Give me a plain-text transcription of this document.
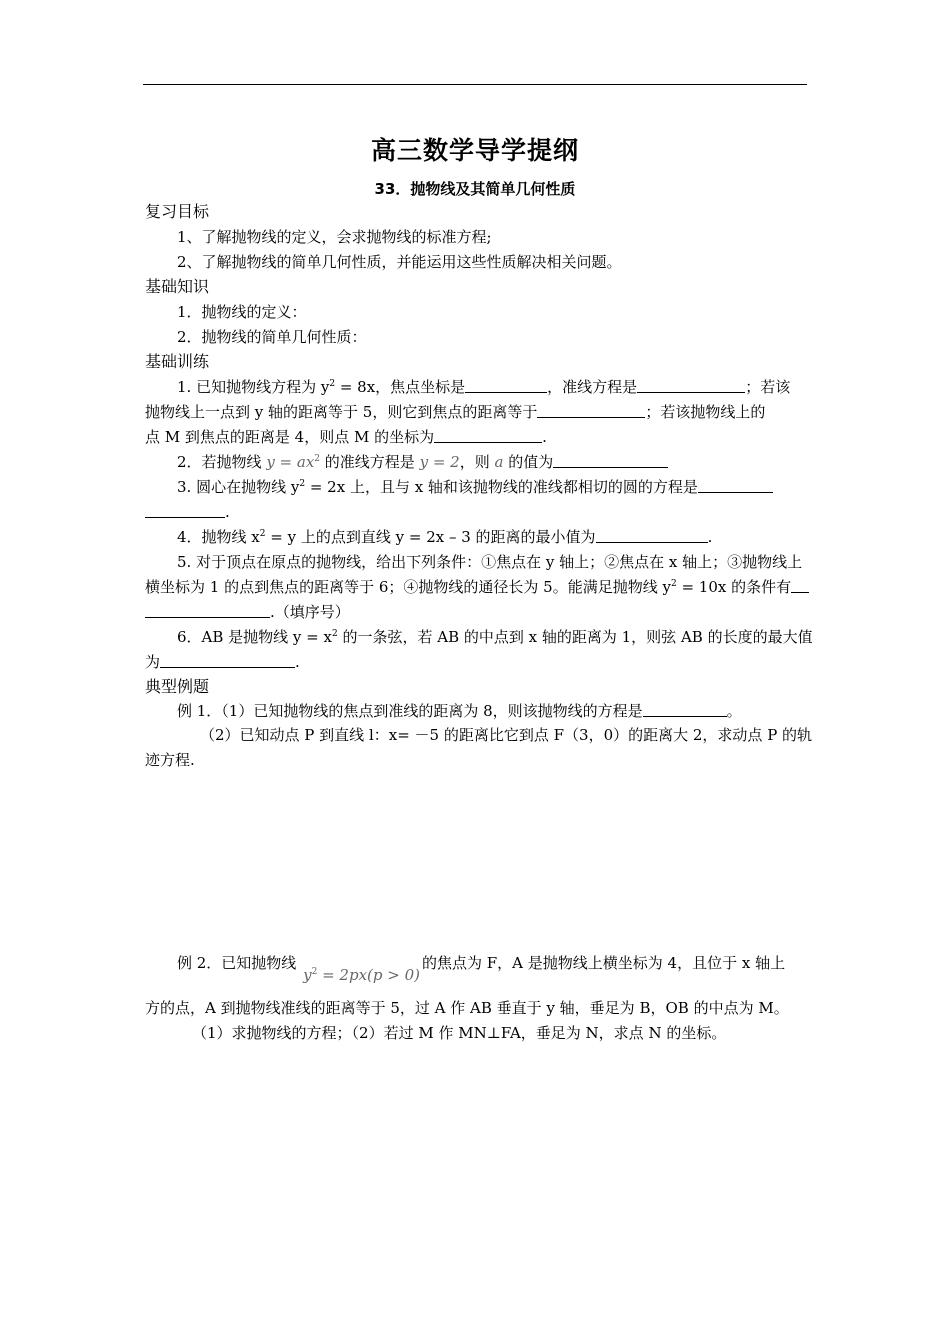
高三数学导学提纲
33．抛物线及其简单几何性质
复习目标
1、了解抛物线的定义，会求抛物线的标准方程;
2、了解抛物线的简单几何性质，并能运用这些性质解决相关问题。
基础知识
1．抛物线的定义：
2．抛物线的简单几何性质：
基础训练
1. 已知抛物线方程为 $y^2 = 8x$，焦点坐标是	，准线方程是	；若该
抛物线上一点到 y 轴的距离等于 5，则它到焦点的距离等于	；若该抛物线上的
点 M 到焦点的距离是 4，则点 M 的坐标为	.
2．若抛物线 $y = ax^2$ 的准线方程是 y = 2，则 a 的值为
3. 圆心在抛物线 $y^2 = 2x$ 上，且与 x 轴和该抛物线的准线都相切的圆的方程是
.
4．抛物线 $x^2 = y$ 上的点到直线 y = 2x – 3 的距离的最小值为	.
5. 对于顶点在原点的抛物线，给出下列条件：①焦点在 y 轴上；②焦点在 x 轴上；③抛物线上
横坐标为 1 的点到焦点的距离等于 6；④抛物线的通径长为 5。能满足抛物线 $y^2 = 10x$ 的条件有
.（填序号）
6．AB 是抛物线 $y = x^2$ 的一条弦，若 AB 的中点到 x 轴的距离为 1，则弦 AB 的长度的最大值
为	.
典型例题
例 1．（1）已知抛物线的焦点到准线的距离为 8，则该抛物线的方程是	。
（2）已知动点 P 到直线 l：x= －5 的距离比它到点 F（3，0）的距离大 2，求动点 P 的轨
迹方程.
例 2．已知抛物线 $y^2 = 2px(p > 0)$的焦点为 F，A 是抛物线上横坐标为 4，且位于 x 轴上
方的点，A 到抛物线准线的距离等于 5，过 A 作 AB 垂直于 y 轴，垂足为 B，OB 的中点为 M。
（1）求抛物线的方程；（2）若过 M 作 MN⊥FA，垂足为 N，求点 N 的坐标。
